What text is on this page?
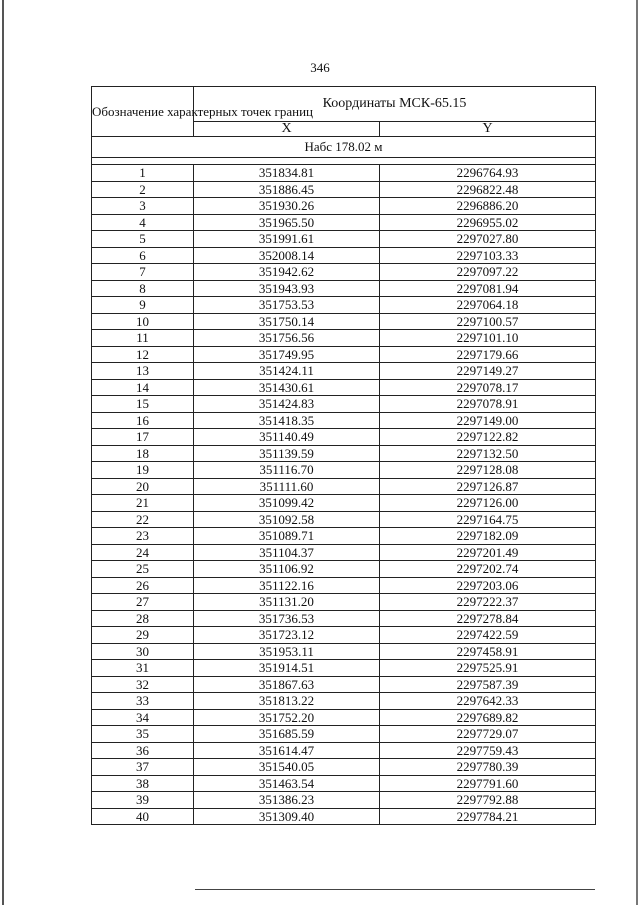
346
Обозначение характерных точек границ	Координаты МСК-65.15	
	X	Y
Набс 178.02 м		

1	351834.81	2296764.93
2	351886.45	2296822.48
3	351930.26	2296886.20
4	351965.50	2296955.02
5	351991.61	2297027.80
6	352008.14	2297103.33
7	351942.62	2297097.22
8	351943.93	2297081.94
9	351753.53	2297064.18
10	351750.14	2297100.57
11	351756.56	2297101.10
12	351749.95	2297179.66
13	351424.11	2297149.27
14	351430.61	2297078.17
15	351424.83	2297078.91
16	351418.35	2297149.00
17	351140.49	2297122.82
18	351139.59	2297132.50
19	351116.70	2297128.08
20	351111.60	2297126.87
21	351099.42	2297126.00
22	351092.58	2297164.75
23	351089.71	2297182.09
24	351104.37	2297201.49
25	351106.92	2297202.74
26	351122.16	2297203.06
27	351131.20	2297222.37
28	351736.53	2297278.84
29	351723.12	2297422.59
30	351953.11	2297458.91
31	351914.51	2297525.91
32	351867.63	2297587.39
33	351813.22	2297642.33
34	351752.20	2297689.82
35	351685.59	2297729.07
36	351614.47	2297759.43
37	351540.05	2297780.39
38	351463.54	2297791.60
39	351386.23	2297792.88
40	351309.40	2297784.21
